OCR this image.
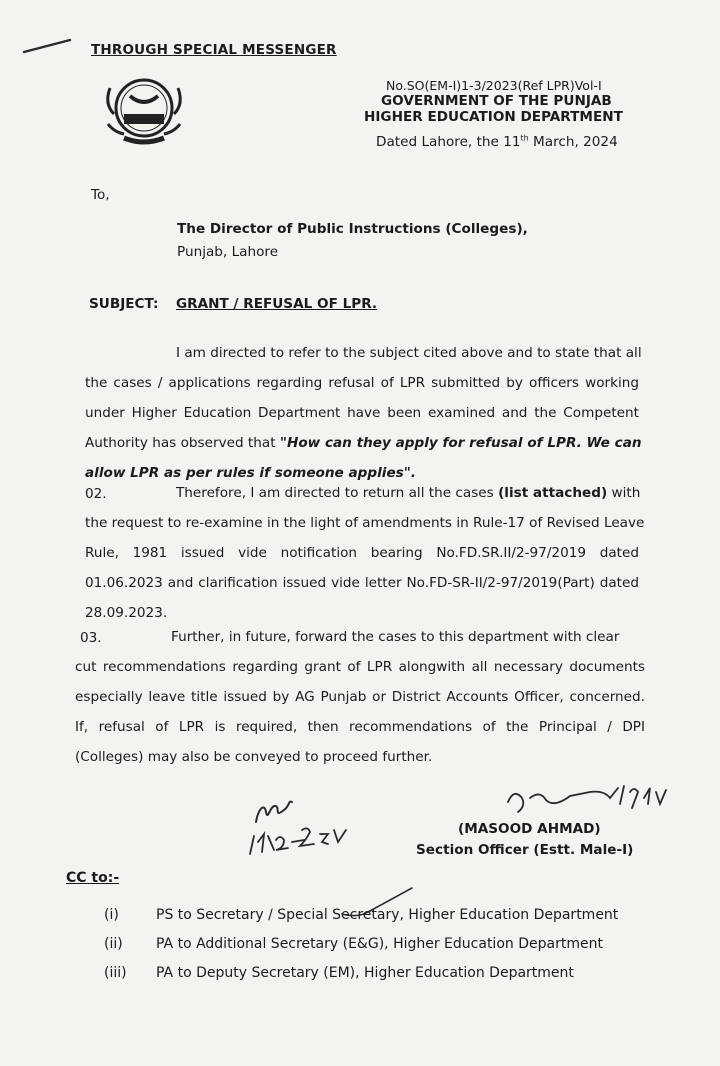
THROUGH SPECIAL MESSENGER
No.SO(EM-I)1-3/2023(Ref LPR)Vol-I
GOVERNMENT OF THE PUNJAB
HIGHER EDUCATION DEPARTMENT
Dated Lahore, the 11th March, 2024
To,
The Director of Public Instructions (Colleges),
Punjab, Lahore
SUBJECT: GRANT / REFUSAL OF LPR.
I am directed to refer to the subject cited above and to state that all
the cases / applications regarding refusal of LPR submitted by officers working
under Higher Education Department have been examined and the Competent
Authority has observed that "How can they apply for refusal of LPR. We can
allow LPR as per rules if someone applies".
02.	Therefore, I am directed to return all the cases (list attached) with
the request to re-examine in the light of amendments in Rule-17 of Revised Leave
Rule, 1981 issued vide notification bearing No.FD.SR.II/2-97/2019 dated
01.06.2023 and clarification issued vide letter No.FD-SR-II/2-97/2019(Part) dated
28.09.2023.
03.	Further, in future, forward the cases to this department with clear
cut recommendations regarding grant of LPR alongwith all necessary documents
especially leave title issued by AG Punjab or District Accounts Officer, concerned.
If, refusal of LPR is required, then recommendations of the Principal / DPI
(Colleges) may also be conveyed to proceed further.
(MASOOD AHMAD)
Section Officer (Estt. Male-I)
CC to:-
(i)	PS to Secretary / Special Secretary, Higher Education Department
(ii)	PA to Additional Secretary (E&G), Higher Education Department
(iii)	PA to Deputy Secretary (EM), Higher Education Department
